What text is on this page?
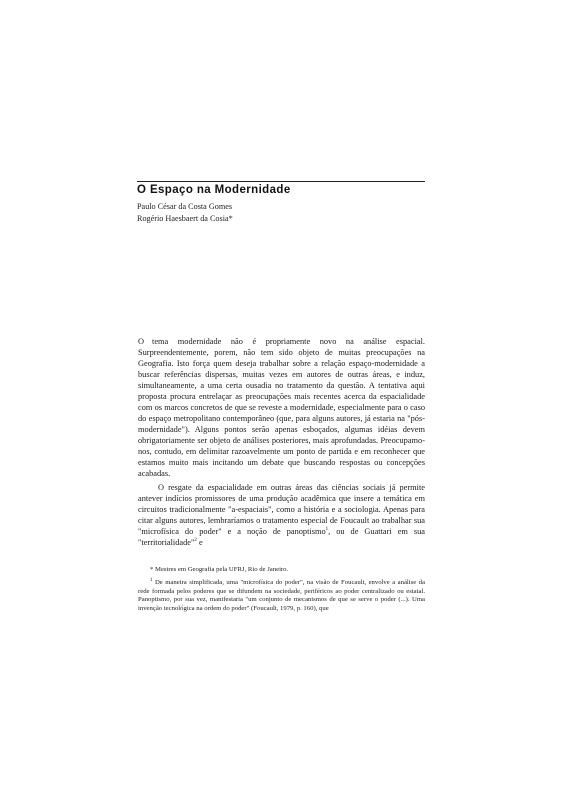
O Espaço na Modernidade
Paulo César da Costa Gomes
Rogério Haesbaert da Cosia*

O tema modernidade não é propriamente novo na análise espacial. Surpreendentemente, porem, não tem sido objeto de muitas preocupações na Geografia. Isto força quem deseja trabalhar sobre a relação espaço-modernidade a buscar referências dispersas, muitas vezes em autores de outras áreas, e induz, simultaneamente, a uma certa ousadia no tratamento da questão. A tentativa aqui proposta procura entrelaçar as preocupações mais recentes acerca da espacialidade com os marcos concretos de que se reveste a modernidade, especialmente para o caso do espaço metropolitano contemporâneo (que, para alguns autores, já estaria na "pós-modernidade"). Alguns pontos serão apenas esboçados, algumas idéias devem obrigatoriamente ser objeto de análises posteriores, mais aprofundadas. Preocupamo-nos, contudo, em delimitar razoavelmente um ponto de partida e em reconhecer que estamos muito mais incitando um debate que buscando respostas ou concepções acabadas.

O resgate da espacialidade em outras áreas das ciências sociais já permite antever indícios promissores de uma produção acadêmica que insere a temática em circuitos tradicionalmente "a-espaciais", como a história e a sociologia. Apenas para citar alguns autores, lembraríamos o tratamento especial de Foucault ao trabalhar sua "microfísica do poder" e a noção de panoptismo$^1$, ou de Guattari em sua "territorialidade"$^2$ e

* Mestres em Geografia pela UFRJ, Rio de Janeiro.

$^1$ De maneira simplificada, uma "microfísica do poder", na visão de Foucault, envolve a análise da rede formada pelos poderes que se difundem na sociedade, periféricos ao poder centralizado ou estatal. Panoptismo, por sua vez, manifestaria "um conjunto de mecanismos de que se serve o poder (...). Uma invenção tecnológica na ordem do poder" (Foucault, 1979, p. 160), que
